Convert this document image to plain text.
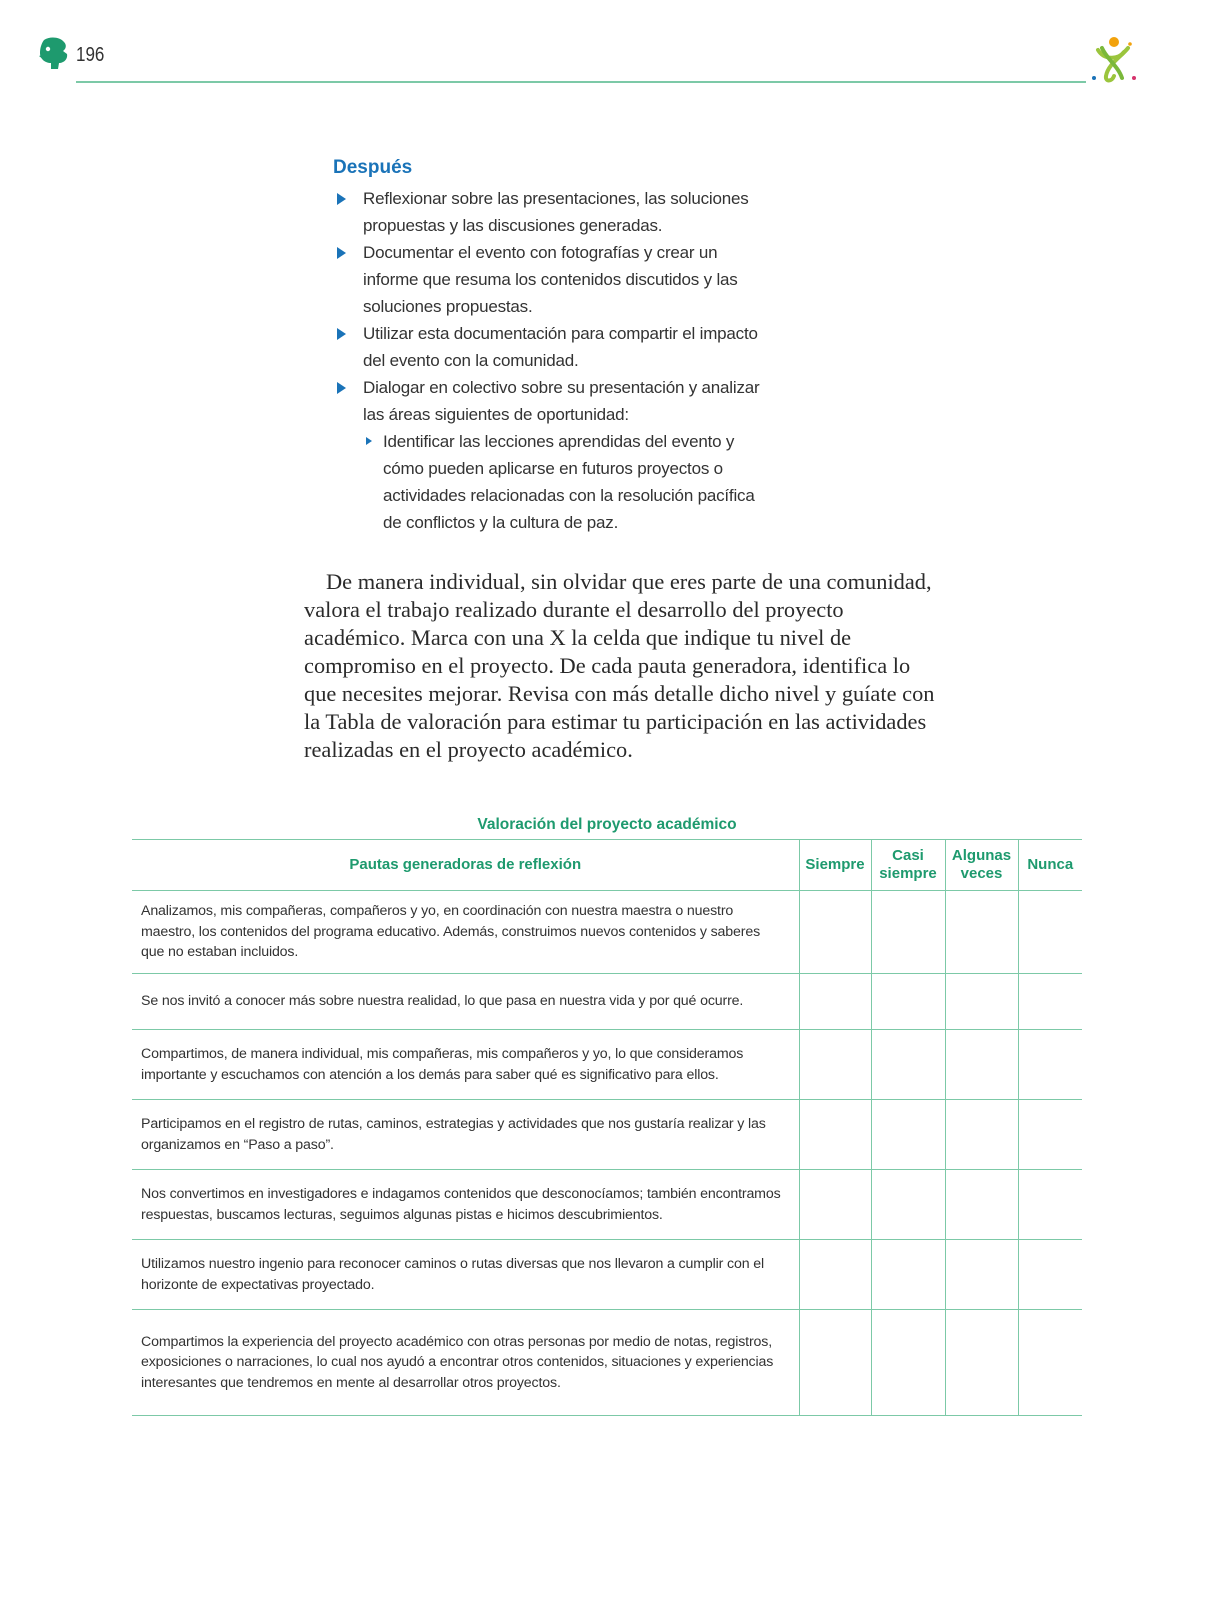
196
Después
Reflexionar sobre las presentaciones, las soluciones propuestas y las discusiones generadas.
Documentar el evento con fotografías y crear un informe que resuma los contenidos discutidos y las soluciones propuestas.
Utilizar esta documentación para compartir el impacto del evento con la comunidad.
Dialogar en colectivo sobre su presentación y analizar las áreas siguientes de oportunidad:
Identificar las lecciones aprendidas del evento y cómo pueden aplicarse en futuros proyectos o actividades relacionadas con la resolución pacífica de conflictos y la cultura de paz.

De manera individual, sin olvidar que eres parte de una comunidad, valora el trabajo realizado durante el desarrollo del proyecto académico. Marca con una X la celda que indique tu nivel de compromiso en el proyecto. De cada pauta generadora, identifica lo que necesites mejorar. Revisa con más detalle dicho nivel y guíate con la Tabla de valoración para estimar tu participación en las actividades realizadas en el proyecto académico.

Valoración del proyecto académico
Pautas generadoras de reflexión	Siempre	Casi siempre	Algunas veces	Nunca
Analizamos, mis compañeras, compañeros y yo, en coordinación con nuestra maestra o nuestro maestro, los contenidos del programa educativo. Además, construimos nuevos contenidos y saberes que no estaban incluidos.				
Se nos invitó a conocer más sobre nuestra realidad, lo que pasa en nuestra vida y por qué ocurre.				
Compartimos, de manera individual, mis compañeras, mis compañeros y yo, lo que consideramos importante y escuchamos con atención a los demás para saber qué es significativo para ellos.				
Participamos en el registro de rutas, caminos, estrategias y actividades que nos gustaría realizar y las organizamos en “Paso a paso”.				
Nos convertimos en investigadores e indagamos contenidos que desconocíamos; también encontramos respuestas, buscamos lecturas, seguimos algunas pistas e hicimos descubrimientos.				
Utilizamos nuestro ingenio para reconocer caminos o rutas diversas que nos llevaron a cumplir con el horizonte de expectativas proyectado.				
Compartimos la experiencia del proyecto académico con otras personas por medio de notas, registros, exposiciones o narraciones, lo cual nos ayudó a encontrar otros contenidos, situaciones y experiencias interesantes que tendremos en mente al desarrollar otros proyectos.				
